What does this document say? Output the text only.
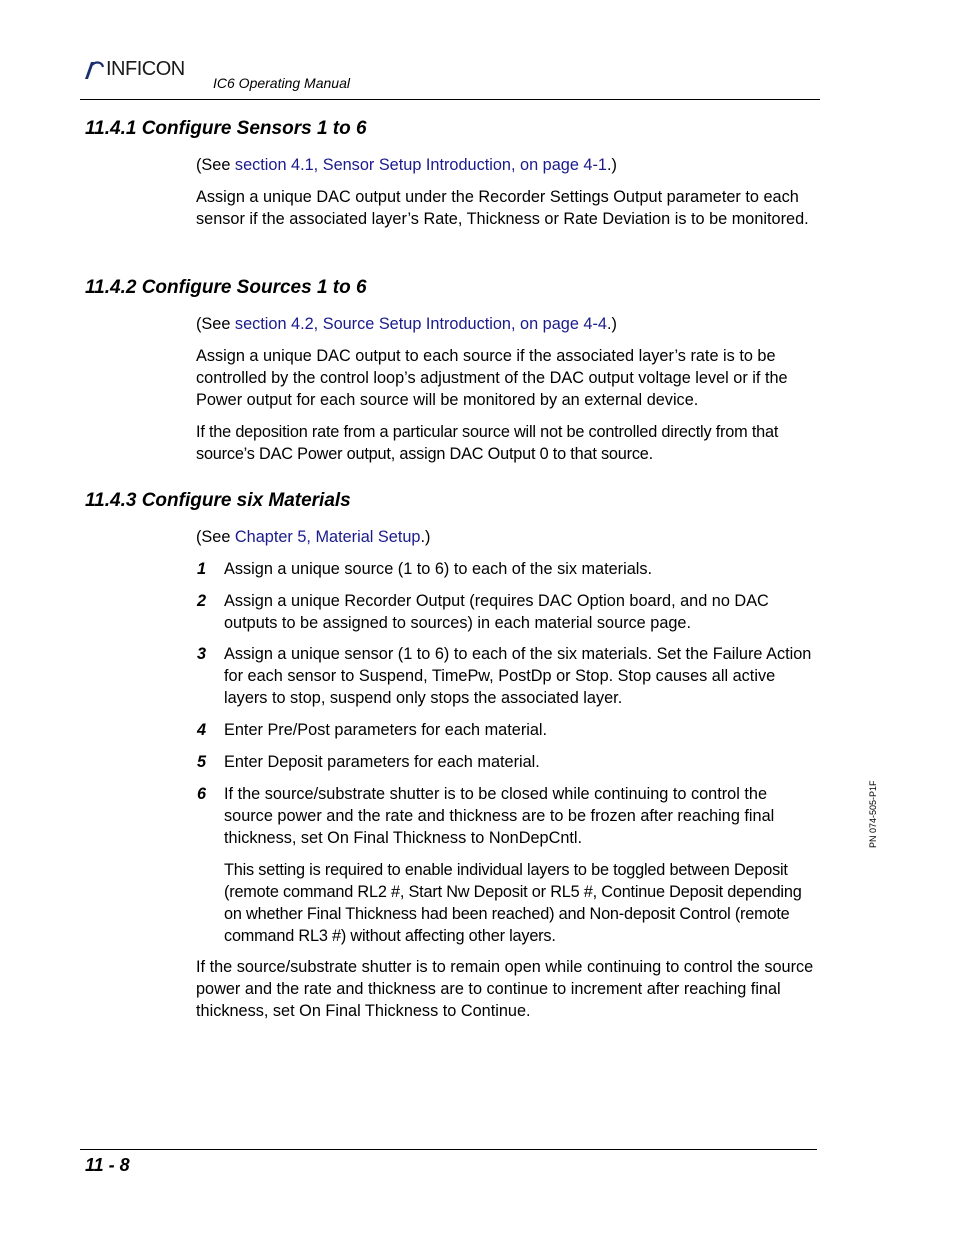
INFICON
IC6 Operating Manual
11.4.1 Configure Sensors 1 to 6

(See section 4.1, Sensor Setup Introduction, on page 4-1.)

Assign a unique DAC output under the Recorder Settings Output parameter to each sensor if the associated layer’s Rate, Thickness or Rate Deviation is to be monitored.

11.4.2 Configure Sources 1 to 6

(See section 4.2, Source Setup Introduction, on page 4-4.)

Assign a unique DAC output to each source if the associated layer’s rate is to be controlled by the control loop’s adjustment of the DAC output voltage level or if the Power output for each source will be monitored by an external device.

If the deposition rate from a particular source will not be controlled directly from that source’s DAC Power output, assign DAC Output 0 to that source.

11.4.3 Configure six Materials

(See Chapter 5, Material Setup.)

1 Assign a unique source (1 to 6) to each of the six materials.

2 Assign a unique Recorder Output (requires DAC Option board, and no DAC outputs to be assigned to sources) in each material source page.

3 Assign a unique sensor (1 to 6) to each of the six materials. Set the Failure Action for each sensor to Suspend, TimePw, PostDp or Stop. Stop causes all active layers to stop, suspend only stops the associated layer.

4 Enter Pre/Post parameters for each material.

5 Enter Deposit parameters for each material.

6 If the source/substrate shutter is to be closed while continuing to control the source power and the rate and thickness are to be frozen after reaching final thickness, set On Final Thickness to NonDepCntl.

This setting is required to enable individual layers to be toggled between Deposit (remote command RL2 #, Start Nw Deposit or RL5 #, Continue Deposit depending on whether Final Thickness had been reached) and Non-deposit Control (remote command RL3 #) without affecting other layers.

If the source/substrate shutter is to remain open while continuing to control the source power and the rate and thickness are to continue to increment after reaching final thickness, set On Final Thickness to Continue.

PN 074-505-P1F
11 - 8
